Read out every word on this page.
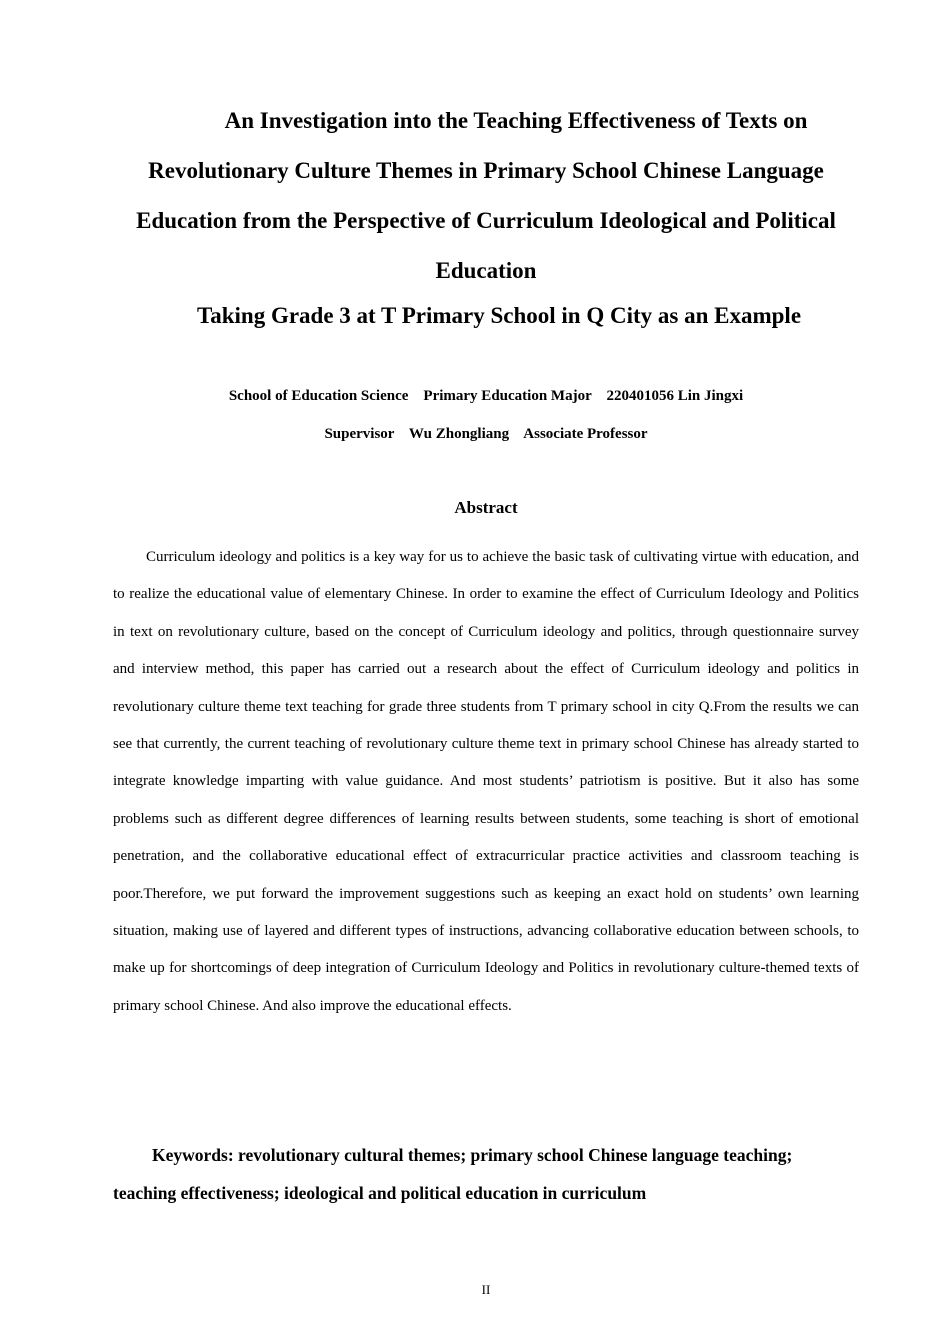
An Investigation into the Teaching Effectiveness of Texts on
Revolutionary Culture Themes in Primary School Chinese Language
Education from the Perspective of Curriculum Ideological and Political
Education
Taking Grade 3 at T Primary School in Q City as an Example
School of Education Science    Primary Education Major    220401056 Lin Jingxi
Supervisor    Wu Zhongliang    Associate Professor
Abstract

Curriculum ideology and politics is a key way for us to achieve the basic task of cultivating virtue with education, and to realize the educational value of elementary Chinese. In order to examine the effect of Curriculum Ideology and Politics in text on revolutionary culture, based on the concept of Curriculum ideology and politics, through questionnaire survey and interview method, this paper has carried out a research about the effect of Curriculum ideology and politics in revolutionary culture theme text teaching for grade three students from T primary school in city Q.From the results we can see that currently, the current teaching of revolutionary culture theme text in primary school Chinese has already started to integrate knowledge imparting with value guidance. And most students’ patriotism is positive. But it also has some problems such as different degree differences of learning results between students, some teaching is short of emotional penetration, and the collaborative educational effect of extracurricular practice activities and classroom teaching is poor.Therefore, we put forward the improvement suggestions such as keeping an exact hold on students’ own learning situation, making use of layered and different types of instructions, advancing collaborative education between schools, to make up for shortcomings of deep integration of Curriculum Ideology and Politics in revolutionary culture-themed texts of primary school Chinese. And also improve the educational effects.

Keywords: revolutionary cultural themes; primary school Chinese language teaching; teaching effectiveness; ideological and political education in curriculum

II
